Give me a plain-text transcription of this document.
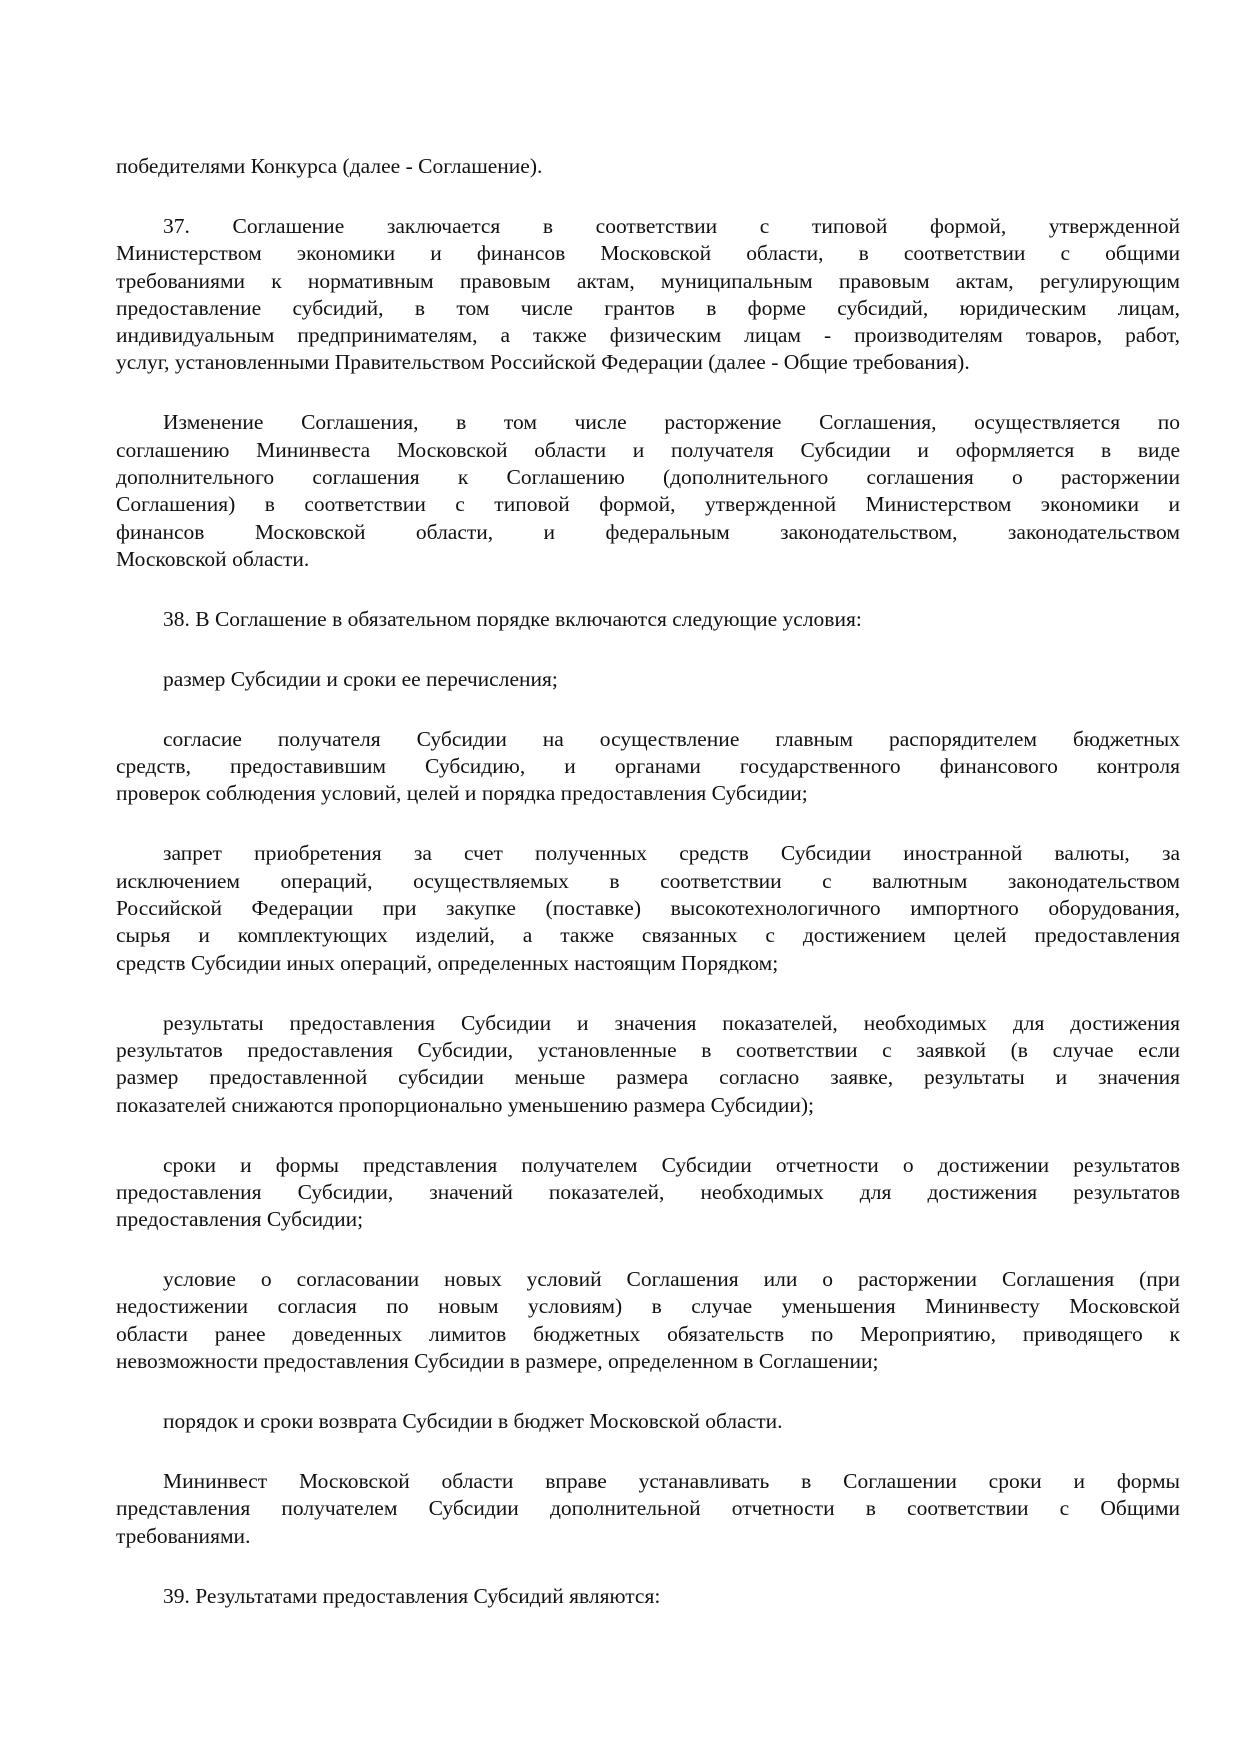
победителями Конкурса (далее - Соглашение).

37. Соглашение заключается в соответствии с типовой формой, утвержденной
Министерством экономики и финансов Московской области, в соответствии с общими
требованиями к нормативным правовым актам, муниципальным правовым актам, регулирующим
предоставление субсидий, в том числе грантов в форме субсидий, юридическим лицам,
индивидуальным предпринимателям, а также физическим лицам - производителям товаров, работ,
услуг, установленными Правительством Российской Федерации (далее - Общие требования).

Изменение Соглашения, в том числе расторжение Соглашения, осуществляется по
соглашению Мининвеста Московской области и получателя Субсидии и оформляется в виде
дополнительного соглашения к Соглашению (дополнительного соглашения о расторжении
Соглашения) в соответствии с типовой формой, утвержденной Министерством экономики и
финансов Московской области, и федеральным законодательством, законодательством
Московской области.

38. В Соглашение в обязательном порядке включаются следующие условия:

размер Субсидии и сроки ее перечисления;

согласие получателя Субсидии на осуществление главным распорядителем бюджетных
средств, предоставившим Субсидию, и органами государственного финансового контроля
проверок соблюдения условий, целей и порядка предоставления Субсидии;

запрет приобретения за счет полученных средств Субсидии иностранной валюты, за
исключением операций, осуществляемых в соответствии с валютным законодательством
Российской Федерации при закупке (поставке) высокотехнологичного импортного оборудования,
сырья и комплектующих изделий, а также связанных с достижением целей предоставления
средств Субсидии иных операций, определенных настоящим Порядком;

результаты предоставления Субсидии и значения показателей, необходимых для достижения
результатов предоставления Субсидии, установленные в соответствии с заявкой (в случае если
размер предоставленной субсидии меньше размера согласно заявке, результаты и значения
показателей снижаются пропорционально уменьшению размера Субсидии);

сроки и формы представления получателем Субсидии отчетности о достижении результатов
предоставления Субсидии, значений показателей, необходимых для достижения результатов
предоставления Субсидии;

условие о согласовании новых условий Соглашения или о расторжении Соглашения (при
недостижении согласия по новым условиям) в случае уменьшения Мининвесту Московской
области ранее доведенных лимитов бюджетных обязательств по Мероприятию, приводящего к
невозможности предоставления Субсидии в размере, определенном в Соглашении;

порядок и сроки возврата Субсидии в бюджет Московской области.

Мининвест Московской области вправе устанавливать в Соглашении сроки и формы
представления получателем Субсидии дополнительной отчетности в соответствии с Общими
требованиями.

39. Результатами предоставления Субсидий являются:
